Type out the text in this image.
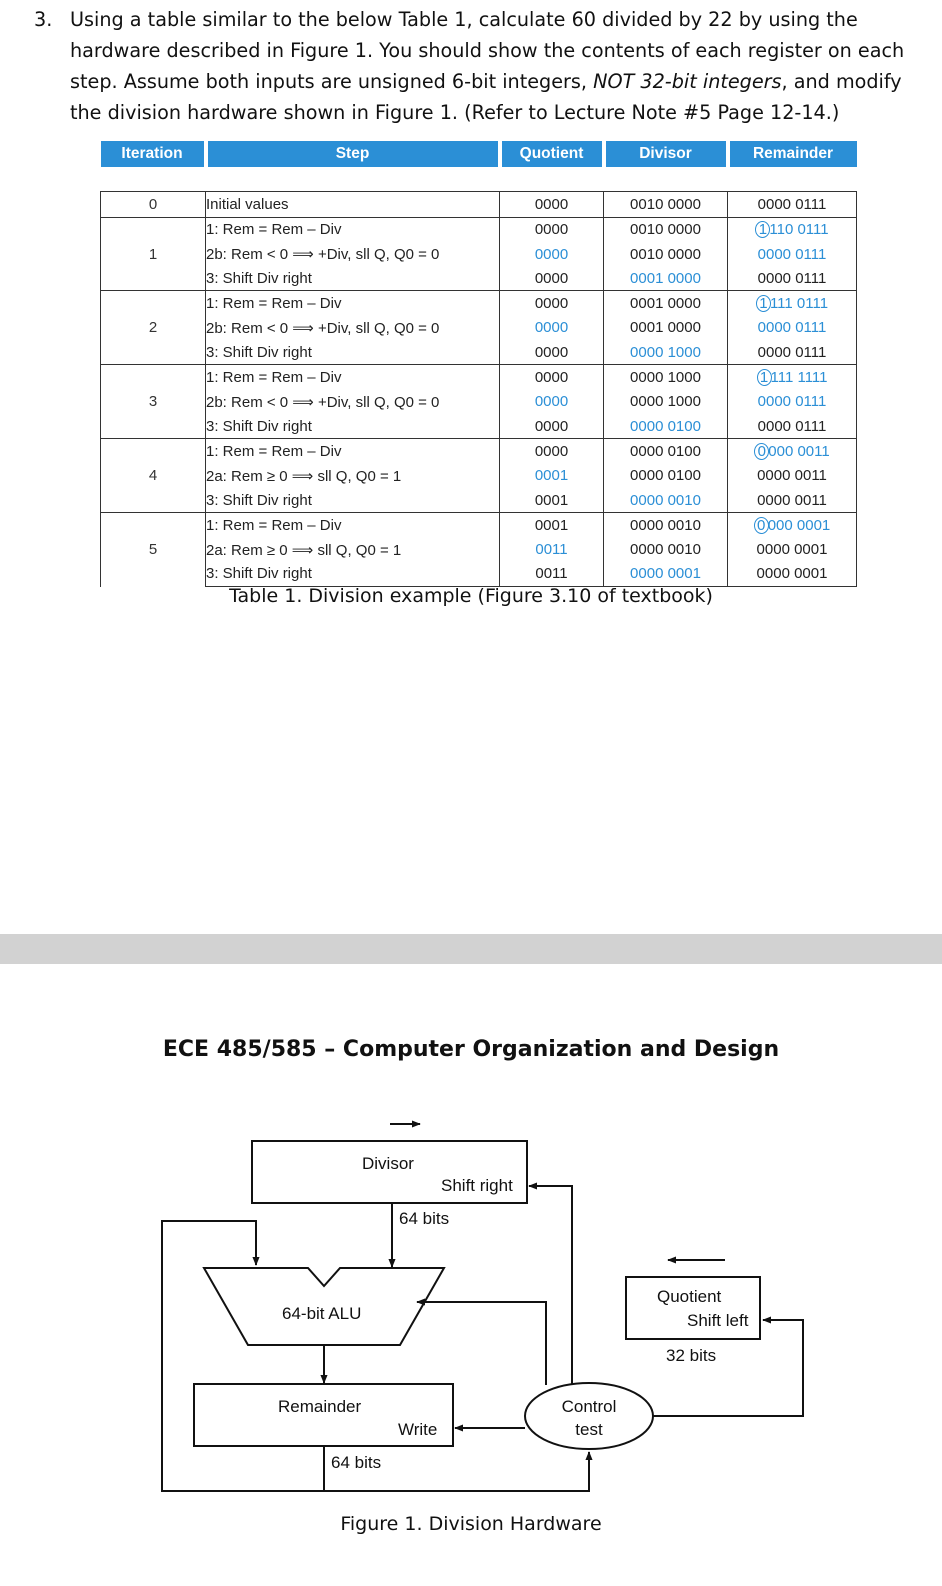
3. Using a table similar to the below Table 1, calculate 60 divided by 22 by using the
hardware described in Figure 1. You should show the contents of each register on each
step. Assume both inputs are unsigned 6-bit integers, NOT 32-bit integers, and modify
the division hardware shown in Figure 1. (Refer to Lecture Note #5 Page 12-14.)
Iteration	Step	Quotient	Divisor	Remainder

0	Initial values	0000	0010 0000	0000 0111
1	1: Rem = Rem – Div	0000	0010 0000	1 110 0111
	2b: Rem < 0 ⟹ +Div, sll Q, Q0 = 0	0000	0010 0000	0000 0111
	3: Shift Div right	0000	0001 0000	0000 0111
2	1: Rem = Rem – Div	0000	0001 0000	1 111 0111
	2b: Rem < 0 ⟹ +Div, sll Q, Q0 = 0	0000	0001 0000	0000 0111
	3: Shift Div right	0000	0000 1000	0000 0111
3	1: Rem = Rem – Div	0000	0000 1000	1 111 1111
	2b: Rem < 0 ⟹ +Div, sll Q, Q0 = 0	0000	0000 1000	0000 0111
	3: Shift Div right	0000	0000 0100	0000 0111
4	1: Rem = Rem – Div	0000	0000 0100	0 000 0011
	2a: Rem ≥ 0 ⟹ sll Q, Q0 = 1	0001	0000 0100	0000 0011
	3: Shift Div right	0001	0000 0010	0000 0011
5	1: Rem = Rem – Div	0001	0000 0010	0 000 0001
	2a: Rem ≥ 0 ⟹ sll Q, Q0 = 1	0011	0000 0010	0000 0001
	3: Shift Div right	0011	0000 0001	0000 0001
Table 1. Division example (Figure 3.10 of textbook)
ECE 485/585 – Computer Organization and Design
Divisor
Shift right
64 bits
64-bit ALU
Quotient
Shift left
32 bits
Remainder
Write
64 bits
Control
test
Figure 1. Division Hardware
